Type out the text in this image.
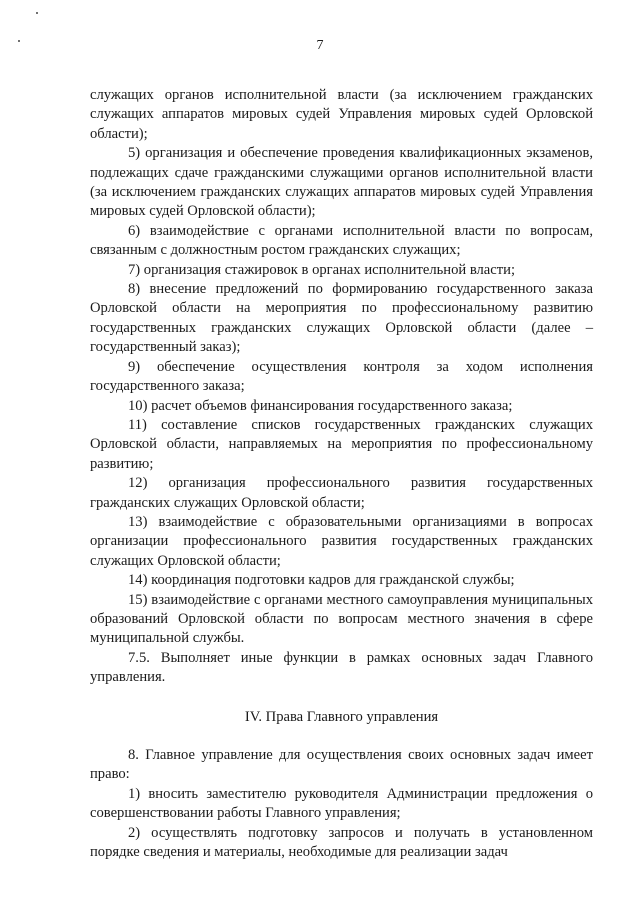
7

служащих органов исполнительной власти (за исключением гражданских служащих аппаратов мировых судей Управления мировых судей Орловской области);

5) организация и обеспечение проведения квалификационных экзаменов, подлежащих сдаче гражданскими служащими органов исполнительной власти (за исключением гражданских служащих аппаратов мировых судей Управления мировых судей Орловской области);

6) взаимодействие с органами исполнительной власти по вопросам, связанным с должностным ростом гражданских служащих;

7) организация стажировок в органах исполнительной власти;

8) внесение предложений по формированию государственного заказа Орловской области на мероприятия по профессиональному развитию государственных гражданских служащих Орловской области (далее – государственный заказ);

9) обеспечение осуществления контроля за ходом исполнения государственного заказа;

10) расчет объемов финансирования государственного заказа;

11) составление списков государственных гражданских служащих Орловской области, направляемых на мероприятия по профессиональному развитию;

12) организация профессионального развития государственных гражданских служащих Орловской области;

13) взаимодействие с образовательными организациями в вопросах организации профессионального развития государственных гражданских служащих Орловской области;

14) координация подготовки кадров для гражданской службы;

15) взаимодействие с органами местного самоуправления муниципальных образований Орловской области по вопросам местного значения в сфере муниципальной службы.

7.5. Выполняет иные функции в рамках основных задач Главного управления.

IV. Права Главного управления

8. Главное управление для осуществления своих основных задач имеет право:

1) вносить заместителю руководителя Администрации предложения о совершенствовании работы Главного управления;

2) осуществлять подготовку запросов и получать в установленном порядке сведения и материалы, необходимые для реализации задач
